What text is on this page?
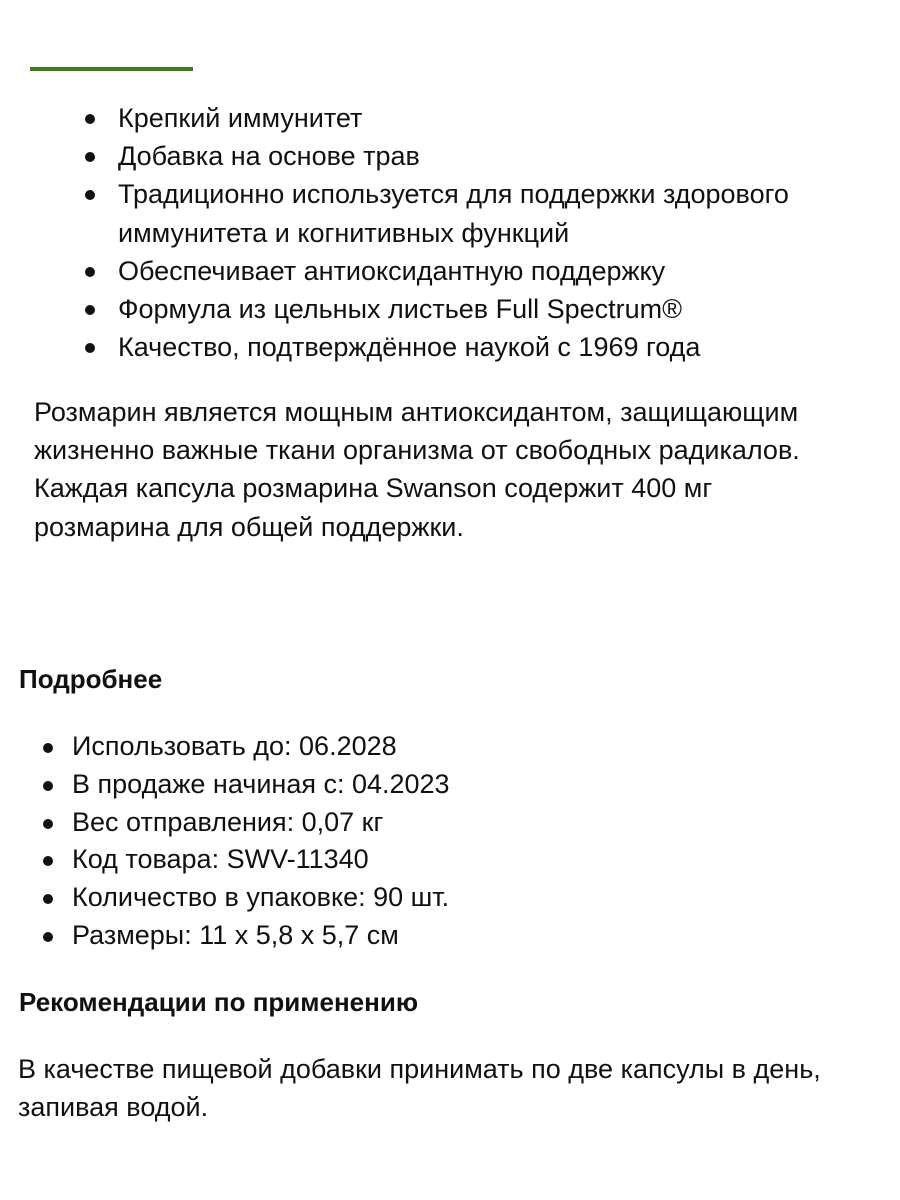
Крепкий иммунитет
Добавка на основе трав
Традиционно используется для поддержки здорового иммунитета и когнитивных функций
Обеспечивает антиоксидантную поддержку
Формула из цельных листьев Full Spectrum®
Качество, подтверждённое наукой с 1969 года

Розмарин является мощным антиоксидантом, защищающим жизненно важные ткани организма от свободных радикалов. Каждая капсула розмарина Swanson содержит 400 мг розмарина для общей поддержки.

Подробнее
Использовать до: 06.2028
В продаже начиная с: 04.2023
Вес отправления: 0,07 кг
Код товара: SWV-11340
Количество в упаковке: 90 шт.
Размеры: 11 x 5,8 x 5,7 см
Рекомендации по применению

В качестве пищевой добавки принимать по две капсулы в день, запивая водой.
